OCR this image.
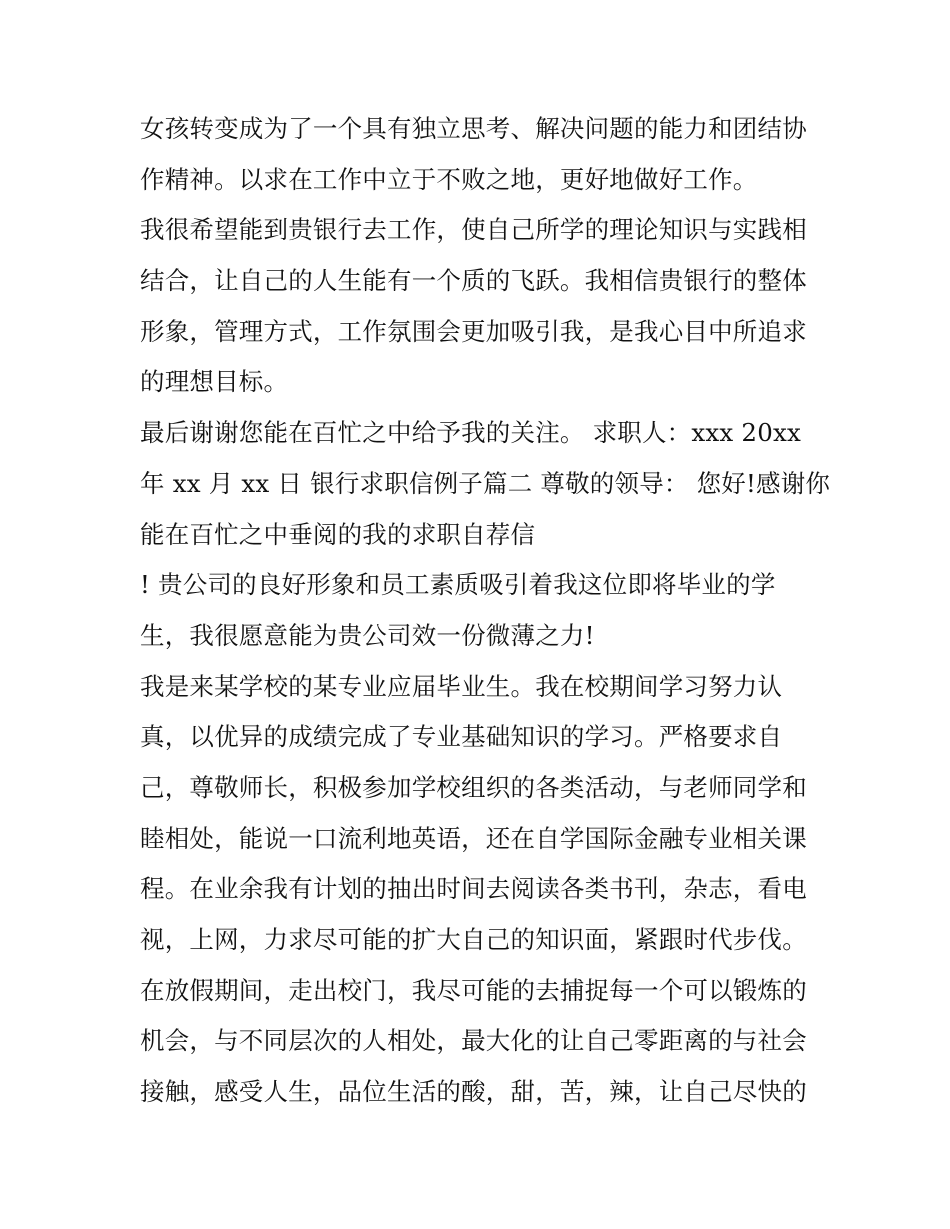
女孩转变成为了一个具有独立思考、解决问题的能力和团结协
作精神。以求在工作中立于不败之地，更好地做好工作。
我很希望能到贵银行去工作，使自己所学的理论知识与实践相
结合，让自己的人生能有一个质的飞跃。我相信贵银行的整体
形象，管理方式，工作氛围会更加吸引我，是我心目中所追求
的理想目标。
最后谢谢您能在百忙之中给予我的关注。 求职人：xxx 20xx
年 xx 月 xx 日 银行求职信例子篇二 尊敬的领导： 您好!感谢你
能在百忙之中垂阅的我的求职自荐信
! 贵公司的良好形象和员工素质吸引着我这位即将毕业的学
生，我很愿意能为贵公司效一份微薄之力!
我是来某学校的某专业应届毕业生。我在校期间学习努力认
真，以优异的成绩完成了专业基础知识的学习。严格要求自
己，尊敬师长，积极参加学校组织的各类活动，与老师同学和
睦相处，能说一口流利地英语，还在自学国际金融专业相关课
程。在业余我有计划的抽出时间去阅读各类书刊，杂志，看电
视，上网，力求尽可能的扩大自己的知识面，紧跟时代步伐。
在放假期间，走出校门，我尽可能的去捕捉每一个可以锻炼的
机会，与不同层次的人相处，最大化的让自己零距离的与社会
接触，感受人生，品位生活的酸，甜，苦，辣，让自己尽快的
